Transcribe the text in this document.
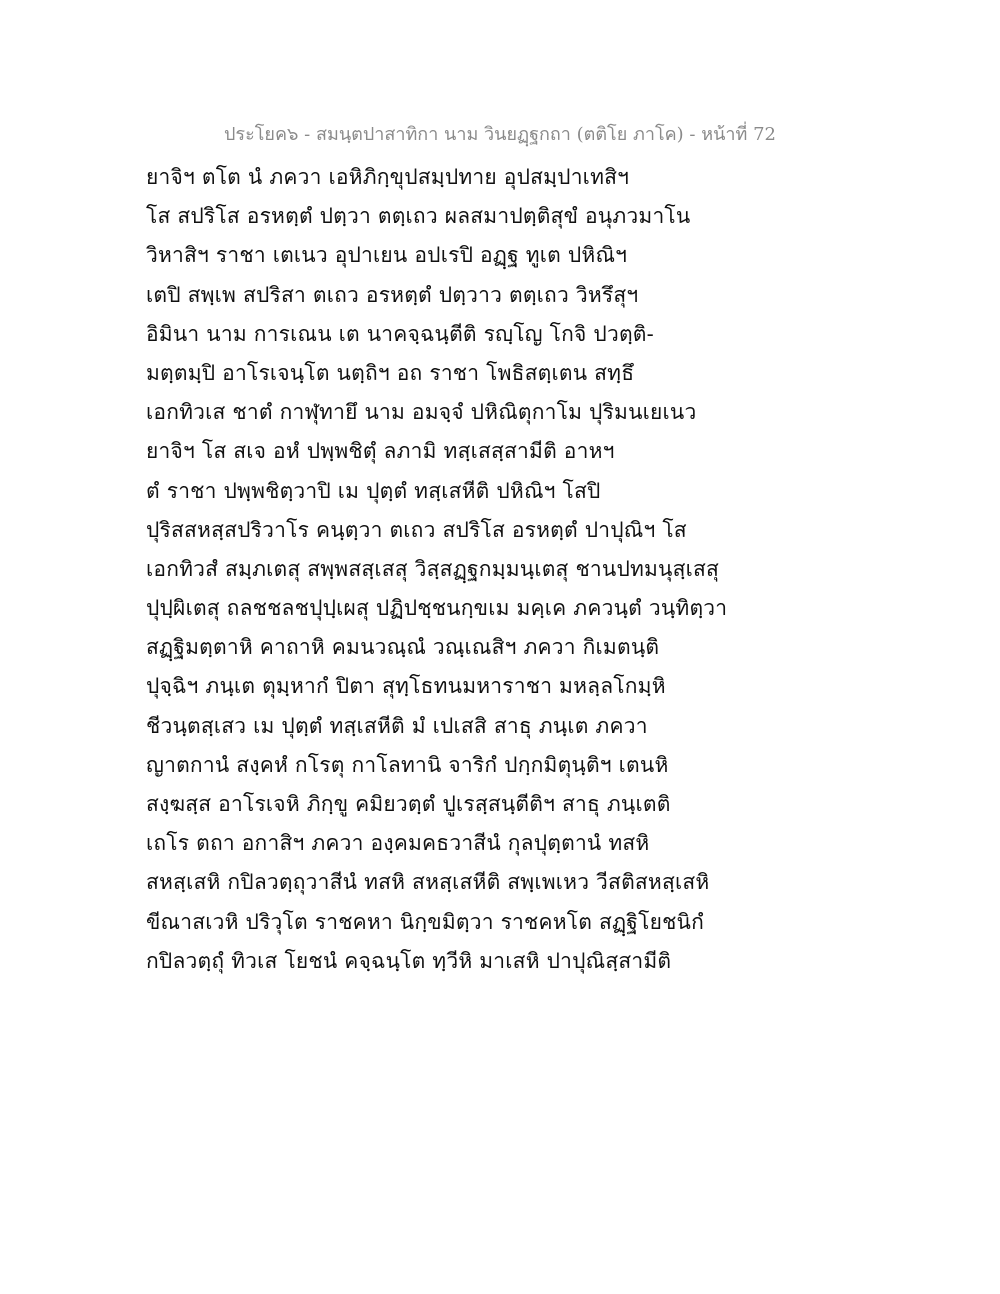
ประโยค๖ - สมนฺตปาสาทิกา นาม วินยฏฺฐกถา (ตติโย ภาโค) - หน้าที่ 72
ยาจิฯ ตโต นํ ภควา เอหิภิกฺขุปสมฺปทาย อุปสมฺปาเทสิฯ
โส สปริโส อรหตฺตํ ปตฺวา ตตฺเถว ผลสมาปตฺติสุขํ อนุภวมาโน
วิหาสิฯ ราชา เตเนว อุปาเยน อปเรปิ อฏฺฐ ทูเต ปหิณิฯ
เตปิ สพฺเพ สปริสา ตเถว อรหตฺตํ ปตฺวาว ตตฺเถว วิหรึสุฯ
อิมินา นาม การเณน เต นาคจฺฉนฺตีติ รญฺโญ โกจิ ปวตฺติ-
มตฺตมฺปิ อาโรเจนฺโต นตฺถิฯ อถ ราชา โพธิสตฺเตน สทฺธึ
เอกทิวเส ชาตํ กาฬุทายึ นาม อมจฺจํ ปหิณิตุกาโม ปุริมนเยเนว
ยาจิฯ โส สเจ อหํ ปพฺพชิตุํ ลภามิ ทสฺเสสฺสามีติ อาหฯ
ตํ ราชา ปพฺพชิตฺวาปิ เม ปุตฺตํ ทสฺเสหีติ ปหิณิฯ โสปิ
ปุริสสหสฺสปริวาโร คนฺตฺวา ตเถว สปริโส อรหตฺตํ ปาปุณิฯ โส
เอกทิวสํ สมฺภเตสุ สพฺพสสฺเสสุ วิสฺสฏฺฐกมฺมนฺเตสุ ชานปทมนุสฺเสสุ
ปุปฺผิเตสุ ถลชชลชปุปฺเผสุ ปฏิปชฺชนกฺขเม มคฺเค ภควนฺตํ วนฺทิตฺวา
สฏฺฐิมตฺตาหิ คาถาหิ คมนวณฺณํ วณฺเณสิฯ ภควา กิเมตนฺติ
ปุจฺฉิฯ ภนฺเต ตุมฺหากํ ปิตา สุทฺโธทนมหาราชา มหลฺลโกมฺหิ
ชีวนฺตสฺเสว เม ปุตฺตํ ทสฺเสหีติ มํ เปเสสิ สาธุ ภนฺเต ภควา
ญาตกานํ สงฺคหํ กโรตุ กาโลทานิ จาริกํ ปกฺกมิตุนฺติฯ เตนหิ
สงฺฆสฺส อาโรเจหิ ภิกฺขู คมิยวตฺตํ ปูเรสฺสนฺตีติฯ สาธุ ภนฺเตติ
เถโร ตถา อกาสิฯ ภควา องฺคมคธวาสีนํ กุลปุตฺตานํ ทสหิ
สหสฺเสหิ กปิลวตฺถุวาสีนํ ทสหิ สหสฺเสหีติ สพฺเพเหว วีสติสหสฺเสหิ
ขีณาสเวหิ ปริวุโต ราชคหา นิกฺขมิตฺวา ราชคหโต สฏฺฐิโยชนิกํ
กปิลวตฺถุํ ทิวเส โยชนํ คจฺฉนฺโต ทฺวีหิ มาเสหิ ปาปุณิสฺสามีติ
